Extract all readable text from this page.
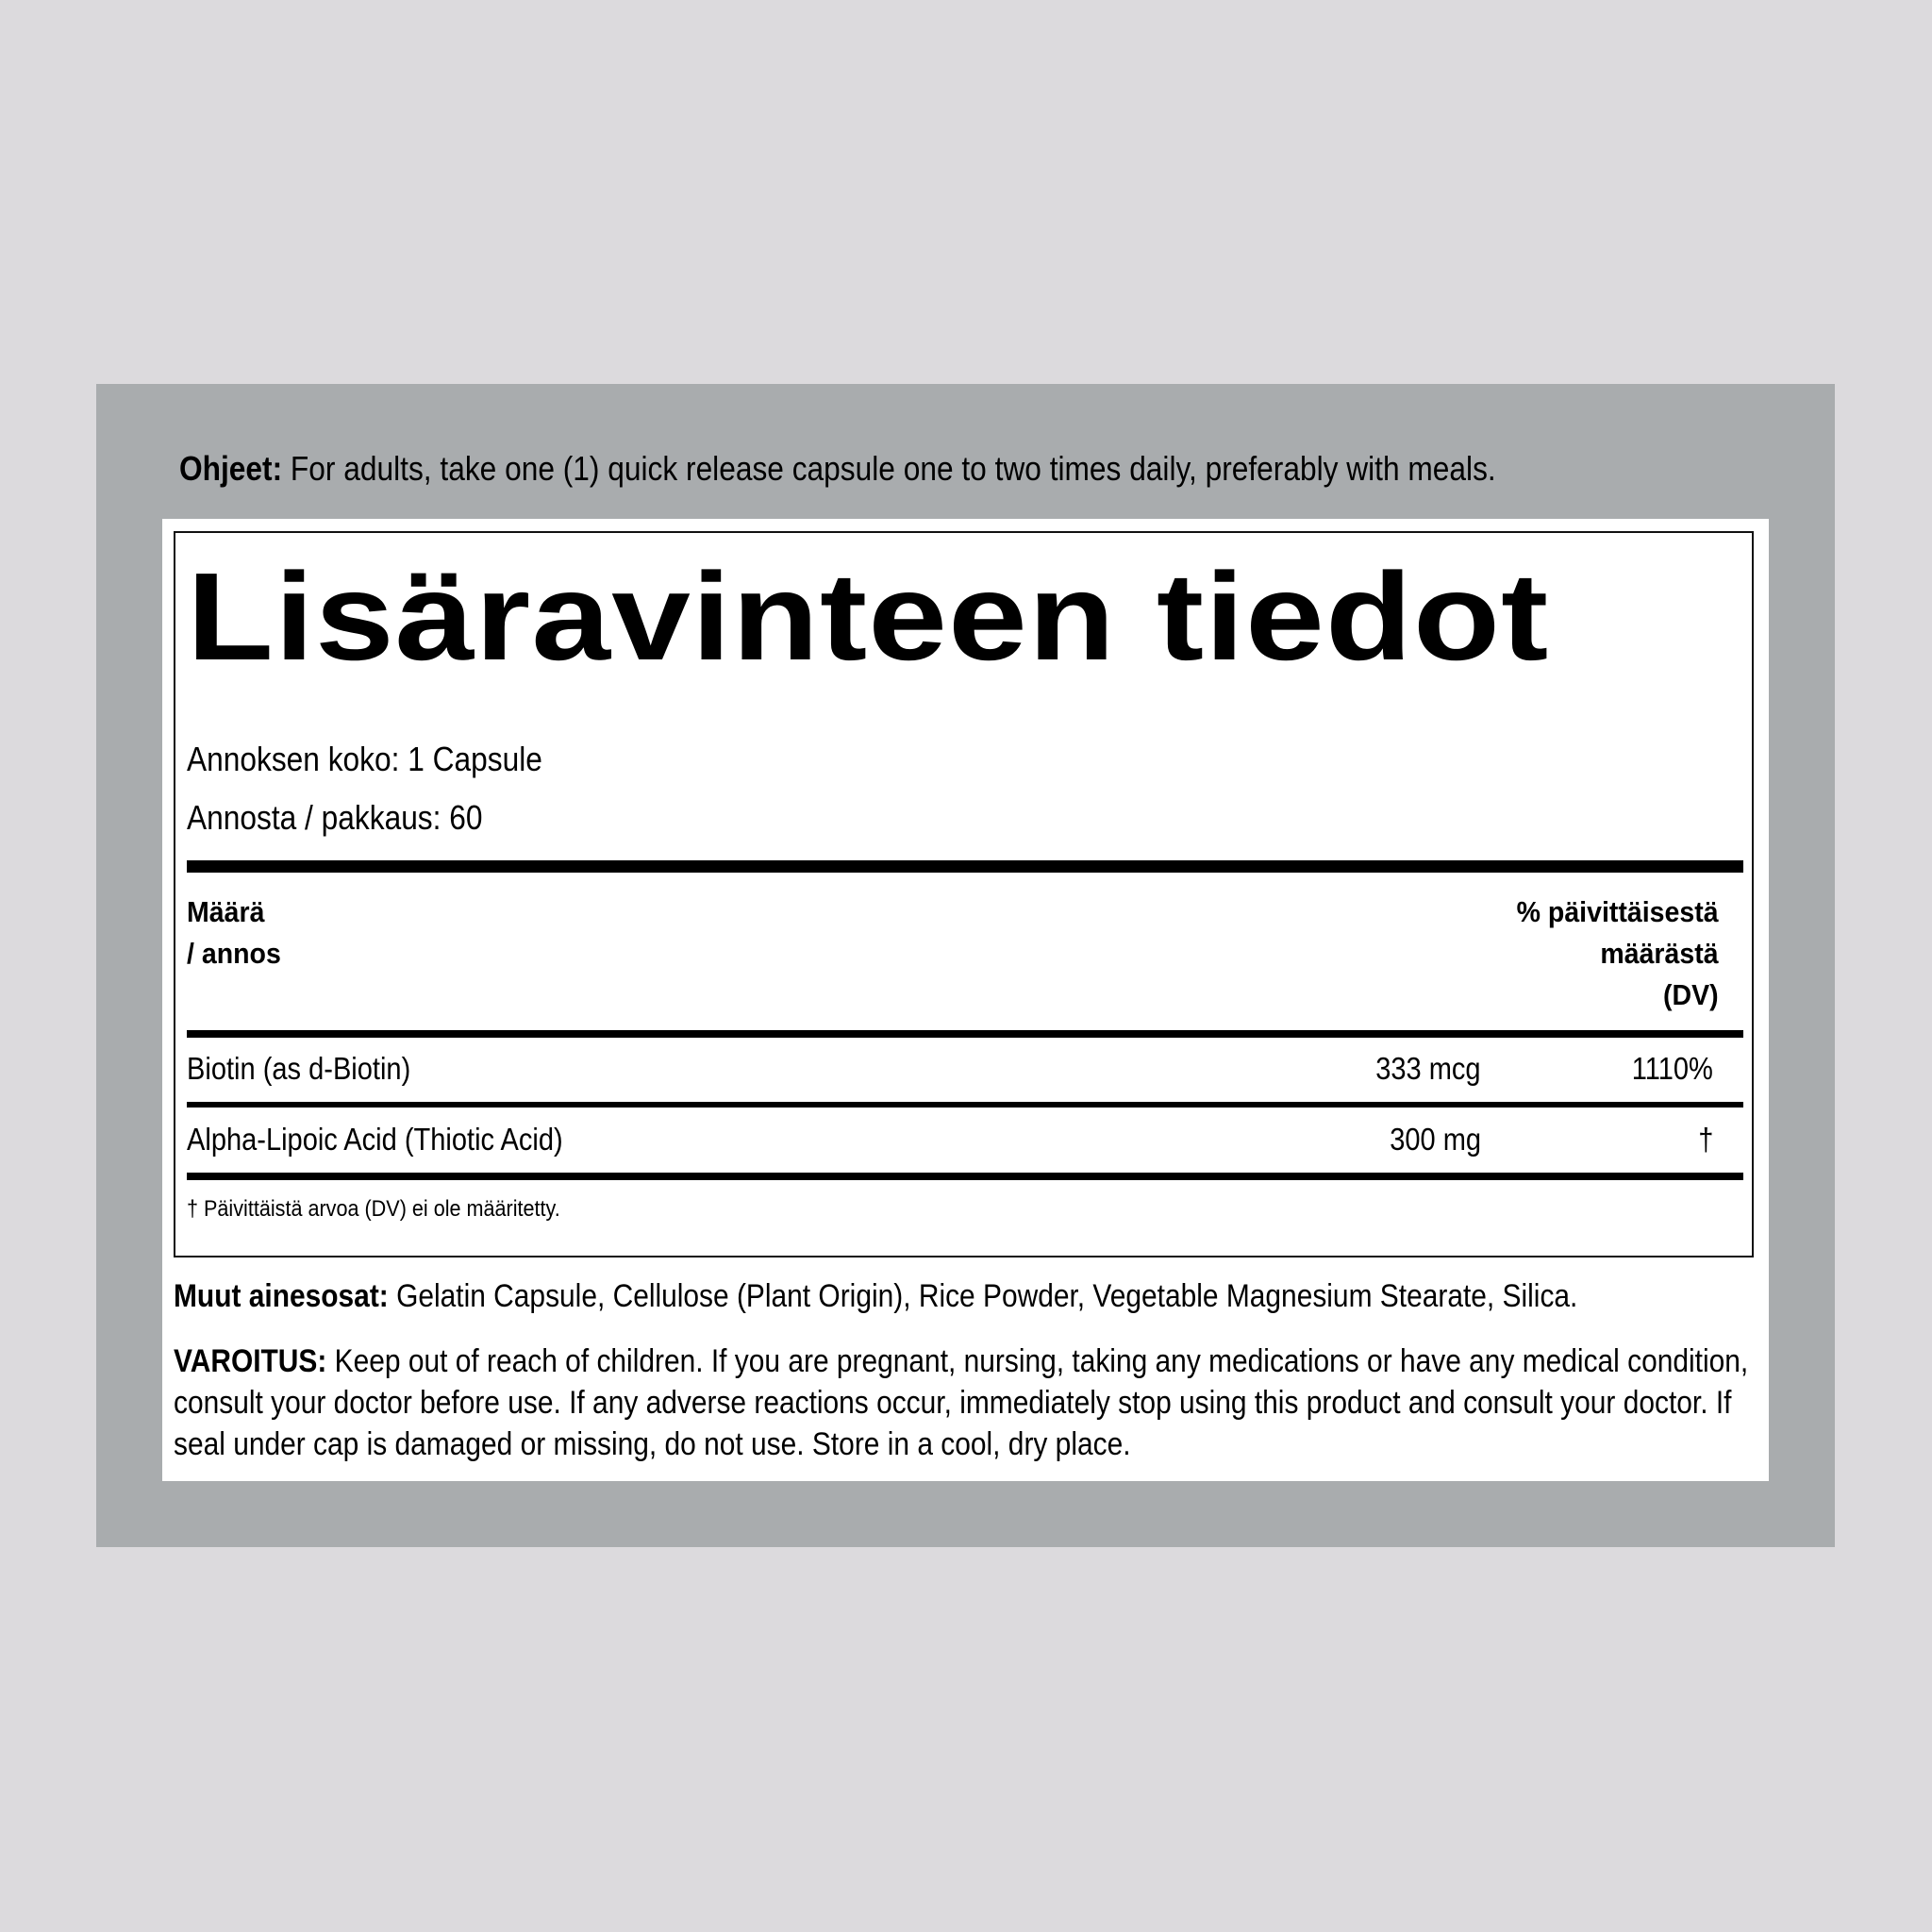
Ohjeet: For adults, take one (1) quick release capsule one to two times daily, preferably with meals.
Lisäravinteen tiedot
Annoksen koko: 1 Capsule
Annosta / pakkaus: 60
Määrä
/ annos
% päivittäisestä
määrästä
(DV)
Biotin (as d-Biotin)	333 mcg	1110%
Alpha-Lipoic Acid (Thiotic Acid)	300 mg	†
† Päivittäistä arvoa (DV) ei ole määritetty.
Muut ainesosat: Gelatin Capsule, Cellulose (Plant Origin), Rice Powder, Vegetable Magnesium Stearate, Silica.
VAROITUS: Keep out of reach of children. If you are pregnant, nursing, taking any medications or have any medical condition, consult your doctor before use. If any adverse reactions occur, immediately stop using this product and consult your doctor. If seal under cap is damaged or missing, do not use. Store in a cool, dry place.
